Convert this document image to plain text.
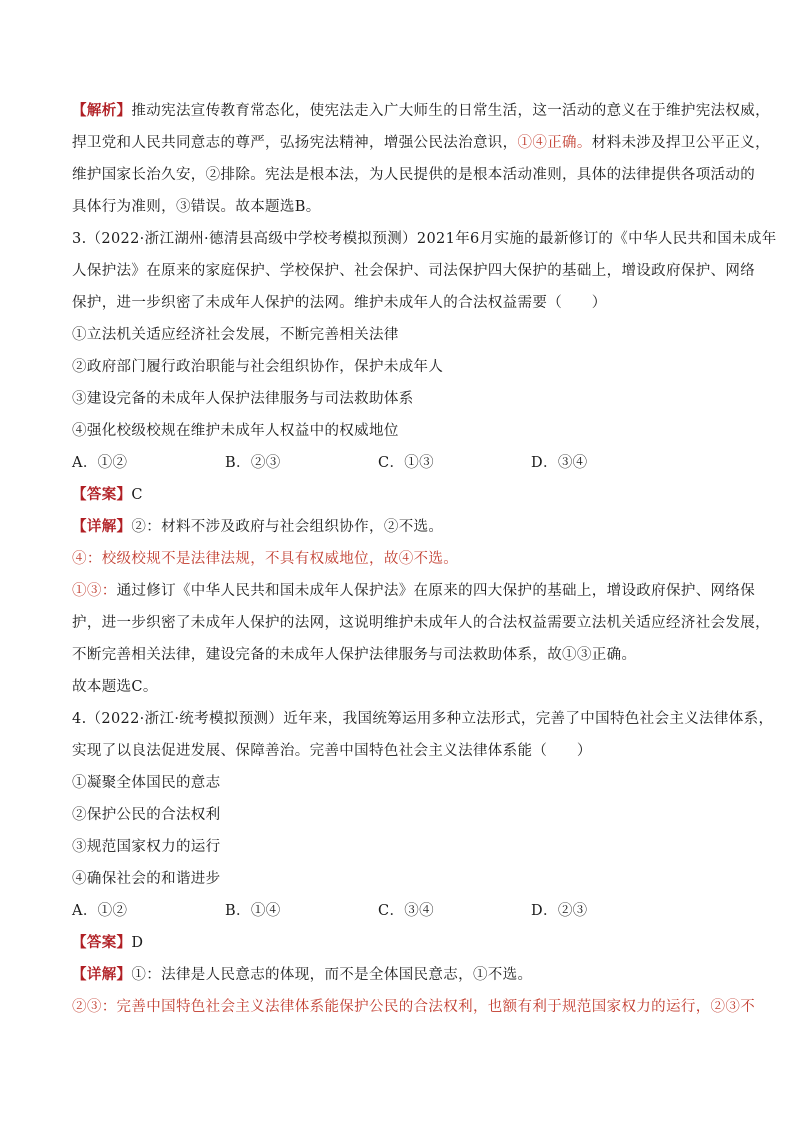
【解析】推动宪法宣传教育常态化，使宪法走入广大师生的日常生活，这一活动的意义在于维护宪法权威，
捍卫党和人民共同意志的尊严，弘扬宪法精神，增强公民法治意识，①④正确。材料未涉及捍卫公平正义，
维护国家长治久安，②排除。宪法是根本法，为人民提供的是根本活动准则，具体的法律提供各项活动的
具体行为准则，③错误。故本题选B。
3.（2022·浙江湖州·德清县高级中学校考模拟预测）2021年6月实施的最新修订的《中华人民共和国未成年
人保护法》在原来的家庭保护、学校保护、社会保护、司法保护四大保护的基础上，增设政府保护、网络
保护，进一步织密了未成年人保护的法网。维护未成年人的合法权益需要（　　）
①立法机关适应经济社会发展，不断完善相关法律
②政府部门履行政治职能与社会组织协作，保护未成年人
③建设完备的未成年人保护法律服务与司法救助体系
④强化校级校规在维护未成年人权益中的权威地位
A．①②	B．②③	C．①③	D．③④
【答案】C
【详解】②：材料不涉及政府与社会组织协作，②不选。
④：校级校规不是法律法规，不具有权威地位，故④不选。
①③：通过修订《中华人民共和国未成年人保护法》在原来的四大保护的基础上，增设政府保护、网络保
护，进一步织密了未成年人保护的法网，这说明维护未成年人的合法权益需要立法机关适应经济社会发展，
不断完善相关法律，建设完备的未成年人保护法律服务与司法救助体系，故①③正确。
故本题选C。
4.（2022·浙江·统考模拟预测）近年来，我国统筹运用多种立法形式，完善了中国特色社会主义法律体系，
实现了以良法促进发展、保障善治。完善中国特色社会主义法律体系能（　　）
①凝聚全体国民的意志
②保护公民的合法权利
③规范国家权力的运行
④确保社会的和谐进步
A．①②	B．①④	C．③④	D．②③
【答案】D
【详解】①：法律是人民意志的体现，而不是全体国民意志，①不选。
②③：完善中国特色社会主义法律体系能保护公民的合法权利，也额有利于规范国家权力的运行，②③不
